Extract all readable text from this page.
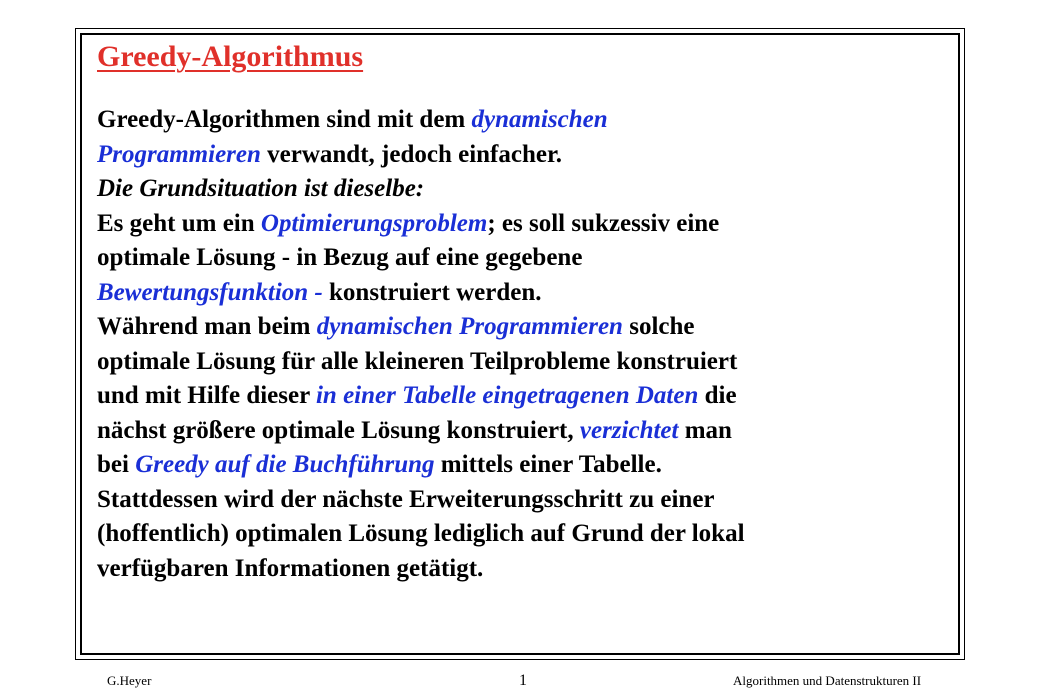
Greedy-Algorithmus
Greedy-Algorithmen sind mit dem dynamischen
Programmieren verwandt, jedoch einfacher.
Die Grundsituation ist dieselbe:
Es geht um ein Optimierungsproblem; es soll sukzessiv eine
optimale Lösung - in Bezug auf eine gegebene
Bewertungsfunktion - konstruiert werden.
Während man beim dynamischen Programmieren solche
optimale Lösung für alle kleineren Teilprobleme konstruiert
und mit Hilfe dieser in einer Tabelle eingetragenen Daten die
nächst größere optimale Lösung konstruiert, verzichtet man
bei Greedy auf die Buchführung mittels einer Tabelle.
Stattdessen wird der nächste Erweiterungsschritt zu einer
(hoffentlich) optimalen Lösung lediglich auf Grund der lokal
verfügbaren Informationen getätigt.
G.Heyer	1	Algorithmen und Datenstrukturen II
